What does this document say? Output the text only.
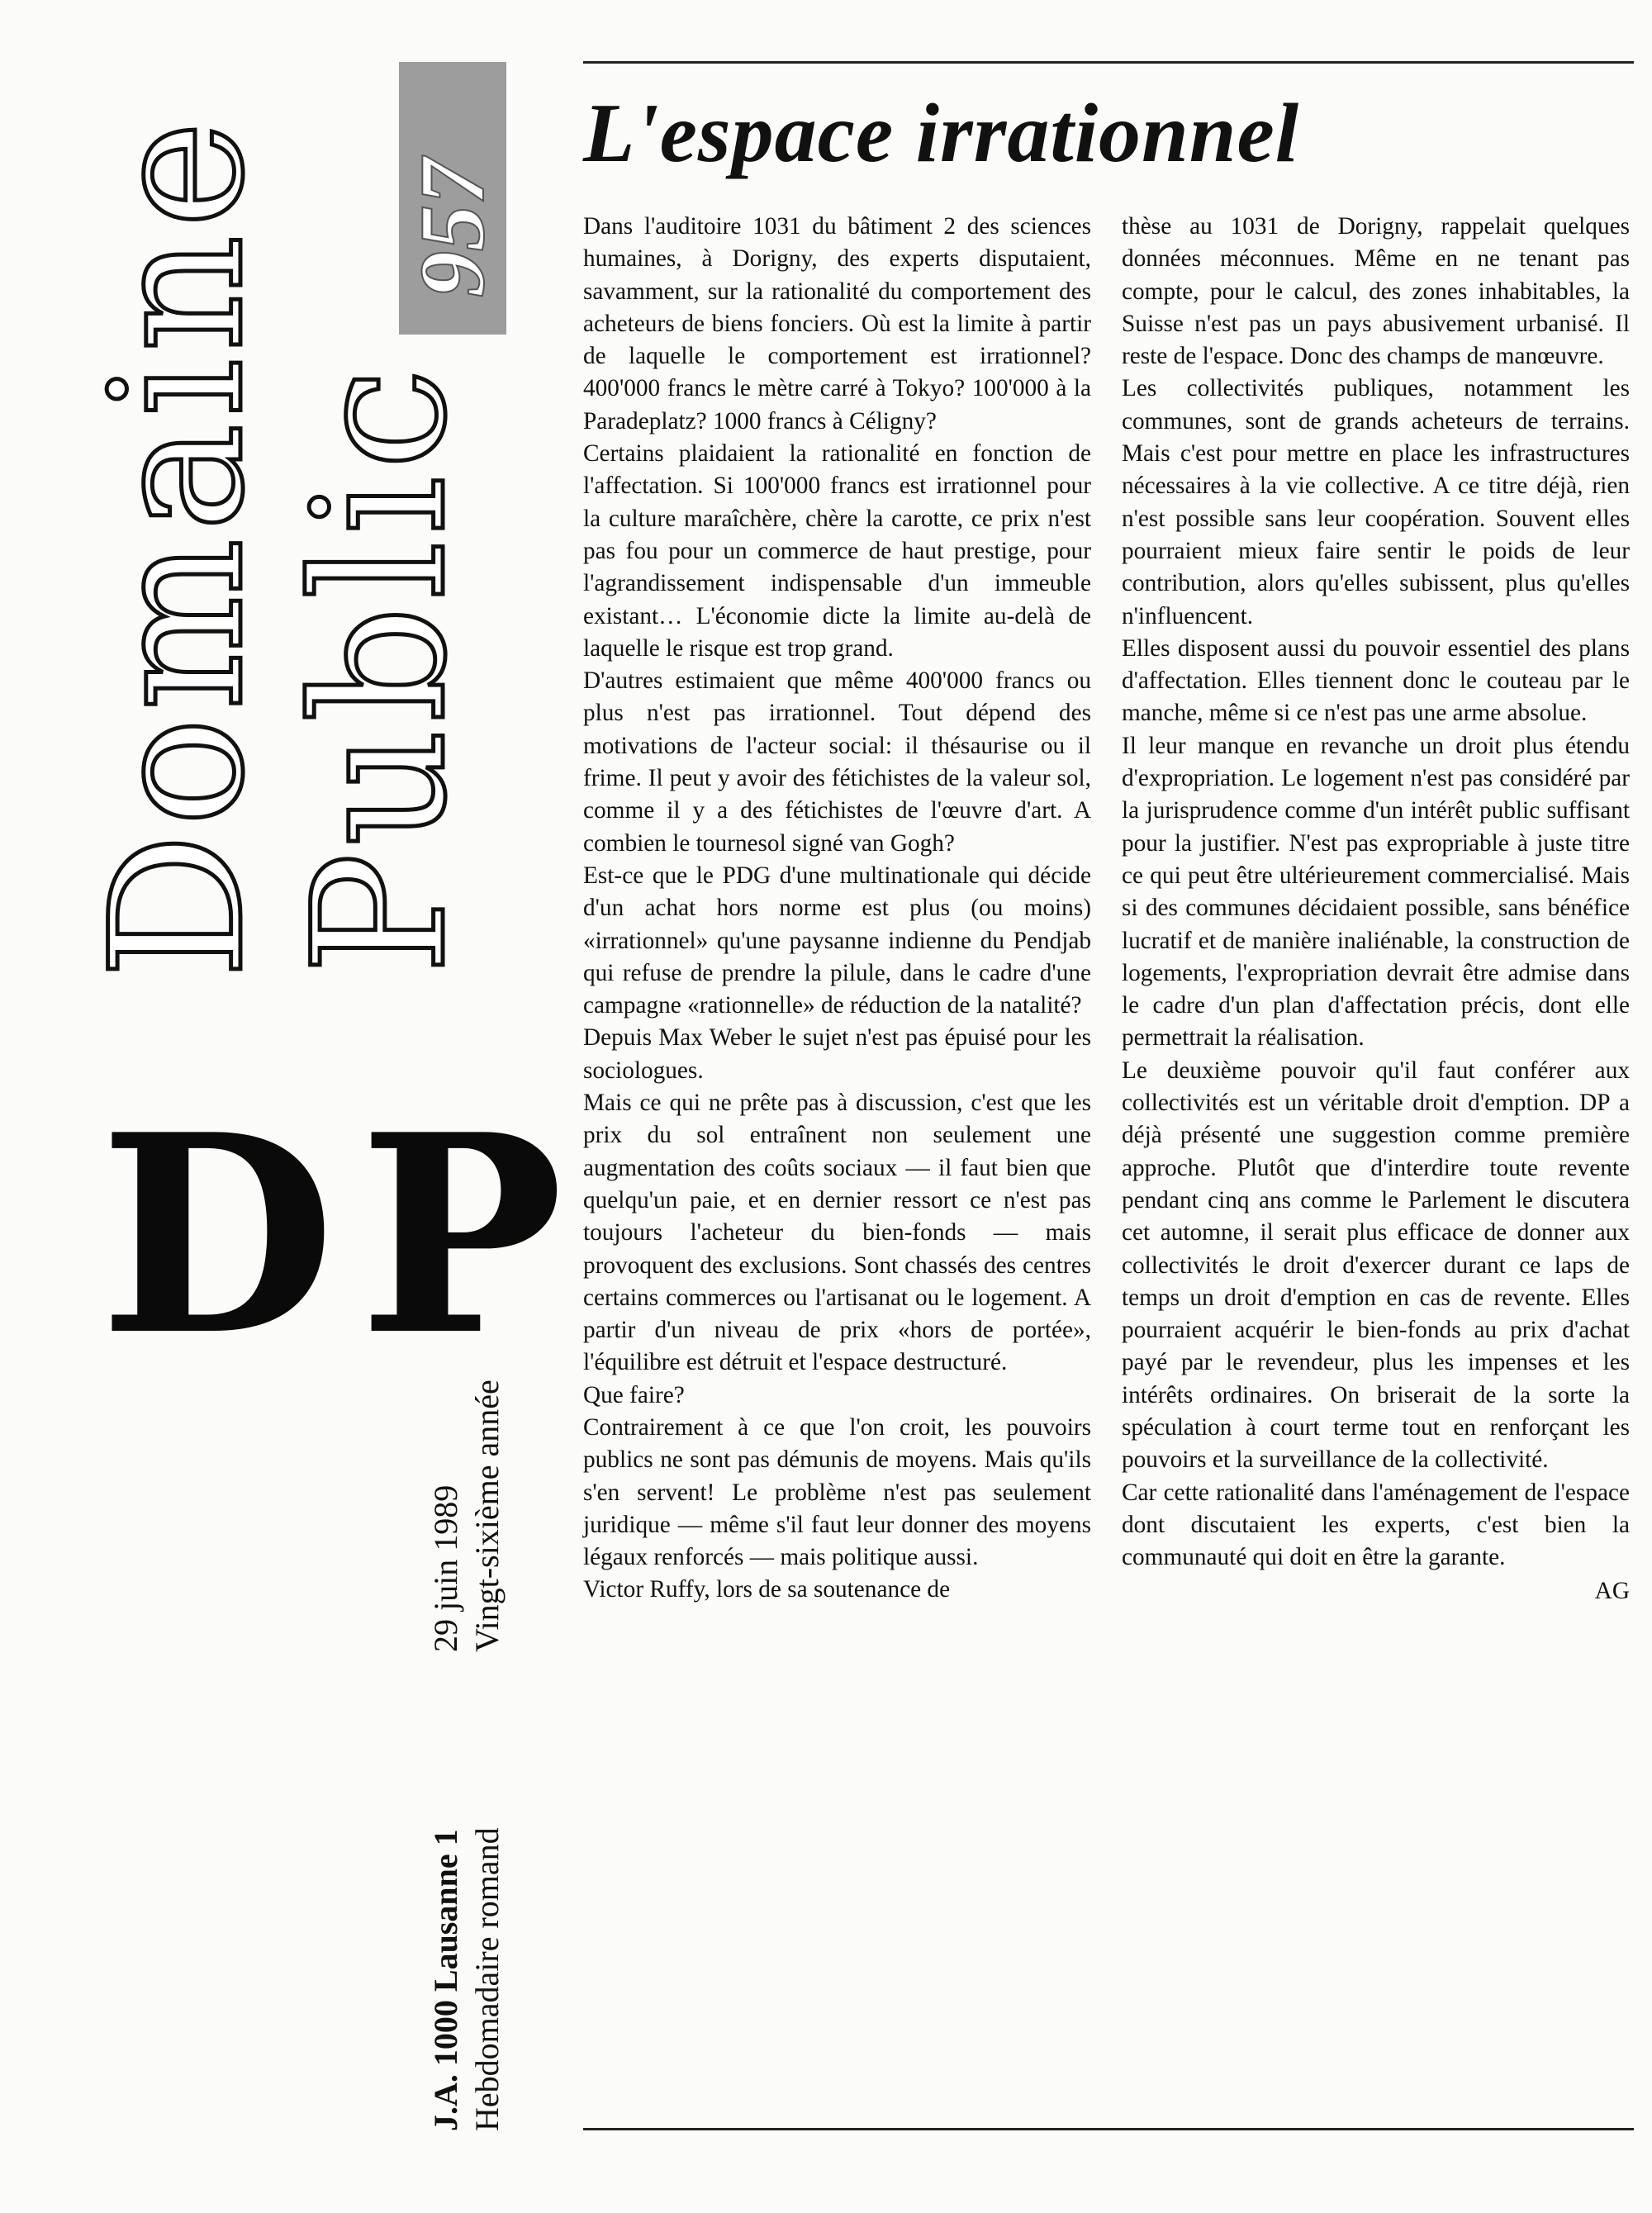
Domaine
Public
957
DP
J.A. 1000 Lausanne 1 Hebdomadaire romand
29 juin 1989 Vingt-sixième année
L'espace irrationnel

Dans l'auditoire 1031 du bâtiment 2 des sciences humaines, à Dorigny, des experts disputaient, savamment, sur la rationalité du comportement des acheteurs de biens fonciers. Où est la limite à partir de laquelle le comportement est irrationnel? 400'000 francs le mètre carré à Tokyo? 100'000 à la Paradeplatz? 1000 francs à Céligny?

Certains plaidaient la rationalité en fonction de l'affectation. Si 100'000 francs est irrationnel pour la culture maraîchère, chère la carotte, ce prix n'est pas fou pour un commerce de haut prestige, pour l'agrandissement indispensable d'un immeuble existant… L'économie dicte la limite au-delà de laquelle le risque est trop grand.

D'autres estimaient que même 400'000 francs ou plus n'est pas irrationnel. Tout dépend des motivations de l'acteur social: il thésaurise ou il frime. Il peut y avoir des fétichistes de la valeur sol, comme il y a des fétichistes de l'œuvre d'art. A combien le tournesol signé van Gogh?

Est-ce que le PDG d'une multinationale qui décide d'un achat hors norme est plus (ou moins) «irrationnel» qu'une paysanne indienne du Pendjab qui refuse de prendre la pilule, dans le cadre d'une campagne «rationnelle» de réduction de la natalité?

Depuis Max Weber le sujet n'est pas épuisé pour les sociologues.

Mais ce qui ne prête pas à discussion, c'est que les prix du sol entraînent non seulement une augmentation des coûts sociaux — il faut bien que quelqu'un paie, et en dernier ressort ce n'est pas toujours l'acheteur du bien-fonds — mais provoquent des exclusions. Sont chassés des centres certains commerces ou l'artisanat ou le logement. A partir d'un niveau de prix «hors de portée», l'équilibre est détruit et l'espace destructuré.

Que faire?

Contrairement à ce que l'on croit, les pouvoirs publics ne sont pas démunis de moyens. Mais qu'ils s'en servent! Le problème n'est pas seulement juridique — même s'il faut leur donner des moyens légaux renforcés — mais politique aussi.

Victor Ruffy, lors de sa soutenance de

thèse au 1031 de Dorigny, rappelait quelques données méconnues. Même en ne tenant pas compte, pour le calcul, des zones inhabitables, la Suisse n'est pas un pays abusivement urbanisé. Il reste de l'espace. Donc des champs de manœuvre.

Les collectivités publiques, notamment les communes, sont de grands acheteurs de terrains. Mais c'est pour mettre en place les infrastructures nécessaires à la vie collective. A ce titre déjà, rien n'est possible sans leur coopération. Souvent elles pourraient mieux faire sentir le poids de leur contribution, alors qu'elles subissent, plus qu'elles n'influencent.

Elles disposent aussi du pouvoir essentiel des plans d'affectation. Elles tiennent donc le couteau par le manche, même si ce n'est pas une arme absolue.

Il leur manque en revanche un droit plus étendu d'expropriation. Le logement n'est pas considéré par la jurisprudence comme d'un intérêt public suffisant pour la justifier. N'est pas expropriable à juste titre ce qui peut être ultérieurement commercialisé. Mais si des communes décidaient possible, sans bénéfice lucratif et de manière inaliénable, la construction de logements, l'expropriation devrait être admise dans le cadre d'un plan d'affectation précis, dont elle permettrait la réalisation.

Le deuxième pouvoir qu'il faut conférer aux collectivités est un véritable droit d'emption. DP a déjà présenté une suggestion comme première approche. Plutôt que d'interdire toute revente pendant cinq ans comme le Parlement le discutera cet automne, il serait plus efficace de donner aux collectivités le droit d'exercer durant ce laps de temps un droit d'emption en cas de revente. Elles pourraient acquérir le bien-fonds au prix d'achat payé par le revendeur, plus les impenses et les intérêts ordinaires. On briserait de la sorte la spéculation à court terme tout en renforçant les pouvoirs et la surveillance de la collectivité.

Car cette rationalité dans l'aménagement de l'espace dont discutaient les experts, c'est bien la communauté qui doit en être la garante.

AG
